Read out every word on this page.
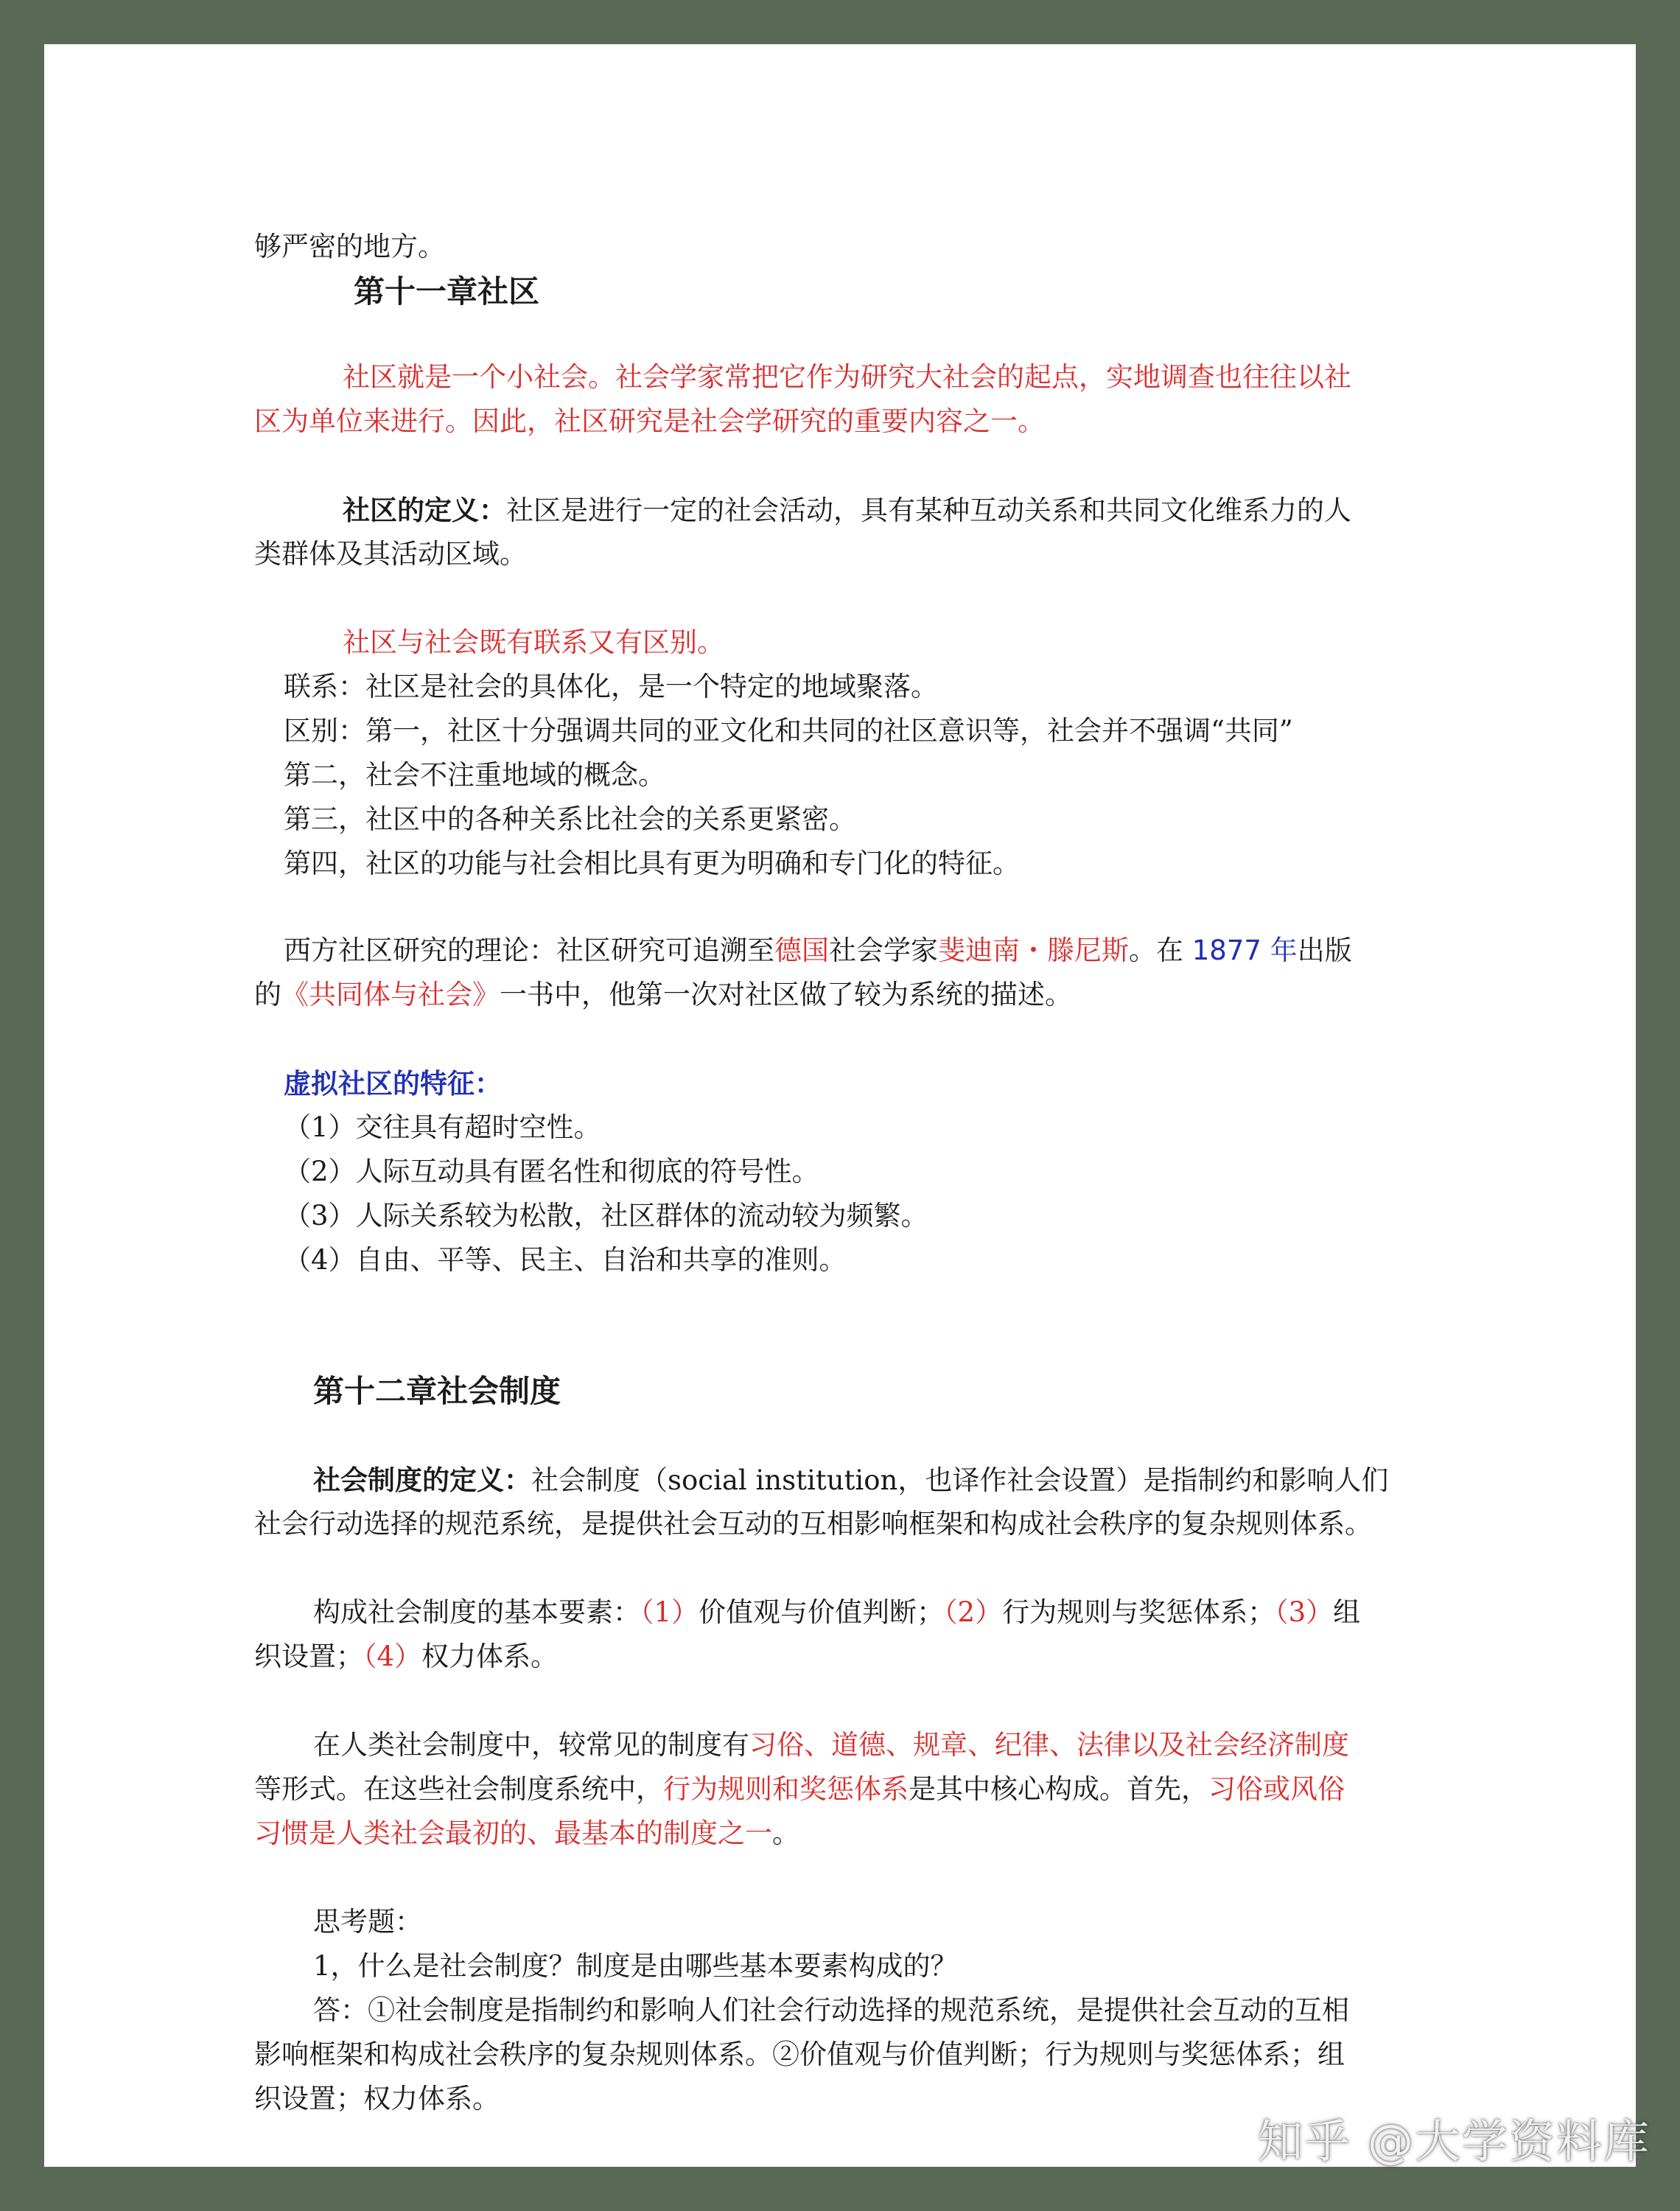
够严密的地方。
第十一章社区
社区就是一个小社会。社会学家常把它作为研究大社会的起点，实地调查也往往以社
区为单位来进行。因此，社区研究是社会学研究的重要内容之一。
社区的定义：社区是进行一定的社会活动，具有某种互动关系和共同文化维系力的人
类群体及其活动区域。
社区与社会既有联系又有区别。
联系：社区是社会的具体化，是一个特定的地域聚落。
区别：第一，社区十分强调共同的亚文化和共同的社区意识等，社会并不强调“共同”
第二，社会不注重地域的概念。
第三，社区中的各种关系比社会的关系更紧密。
第四，社区的功能与社会相比具有更为明确和专门化的特征。
西方社区研究的理论：社区研究可追溯至德国社会学家斐迪南・滕尼斯。在 1877 年出版
的《共同体与社会》一书中，他第一次对社区做了较为系统的描述。
虚拟社区的特征：
（1）交往具有超时空性。
（2）人际互动具有匿名性和彻底的符号性。
（3）人际关系较为松散，社区群体的流动较为频繁。
（4）自由、平等、民主、自治和共享的准则。
第十二章社会制度
社会制度的定义：社会制度（social institution，也译作社会设置）是指制约和影响人们
社会行动选择的规范系统，是提供社会互动的互相影响框架和构成社会秩序的复杂规则体系。
构成社会制度的基本要素：（1）价值观与价值判断；（2）行为规则与奖惩体系；（3）组
织设置；（4）权力体系。
在人类社会制度中，较常见的制度有习俗、道德、规章、纪律、法律以及社会经济制度
等形式。在这些社会制度系统中，行为规则和奖惩体系是其中核心构成。首先，习俗或风俗
习惯是人类社会最初的、最基本的制度之一。
思考题：
1，什么是社会制度？制度是由哪些基本要素构成的？
答：①社会制度是指制约和影响人们社会行动选择的规范系统，是提供社会互动的互相
影响框架和构成社会秩序的复杂规则体系。②价值观与价值判断；行为规则与奖惩体系；组
织设置；权力体系。
知乎 @大学资料库
